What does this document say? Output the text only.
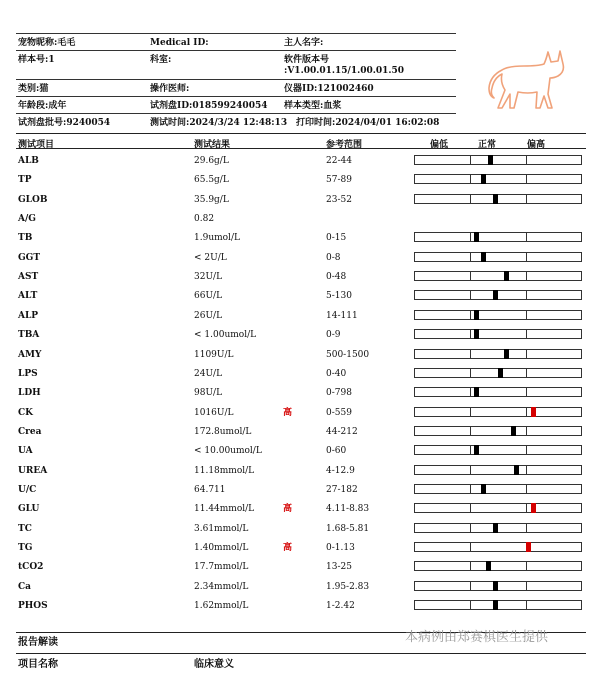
宠物昵称:毛毛	Medical ID:	主人名字:
样本号:1	科室:	软件版本号
:V1.00.01.15/1.00.01.50
类别:猫	操作医师:	仪器ID:121002460
年龄段:成年	试剂盘ID:018599240054 样本类型:血浆
试剂盘批号:9240054	测试时间:2024/3/24 12:48:13 打印时间:2024/04/01 16:02:08
测试项目	测试结果	参考范围	偏低	正常	偏高
ALB	29.6g/L	22-44
TP	65.5g/L	57-89
GLOB	35.9g/L	23-52
A/G	0.82
TB	1.9umol/L	0-15
GGT	< 2U/L	0-8
AST	32U/L	0-48
ALT	66U/L	5-130
ALP	26U/L	14-111
TBA	< 1.00umol/L	0-9
AMY	1109U/L	500-1500
LPS	24U/L	0-40
LDH	98U/L	0-798
CK	1016U/L	高	0-559
Crea	172.8umol/L	44-212
UA	< 10.00umol/L	0-60
UREA	11.18mmol/L	4-12.9
U/C	64.711	27-182
GLU	11.44mmol/L	高	4.11-8.83
TC	3.61mmol/L	1.68-5.81
TG	1.40mmol/L	高	0-1.13
tCO2	17.7mmol/L	13-25
Ca	2.34mmol/L	1.95-2.83
PHOS	1.62mmol/L	1-2.42
报告解读
项目名称	临床意义
本病例由郑赛棋医生提供
